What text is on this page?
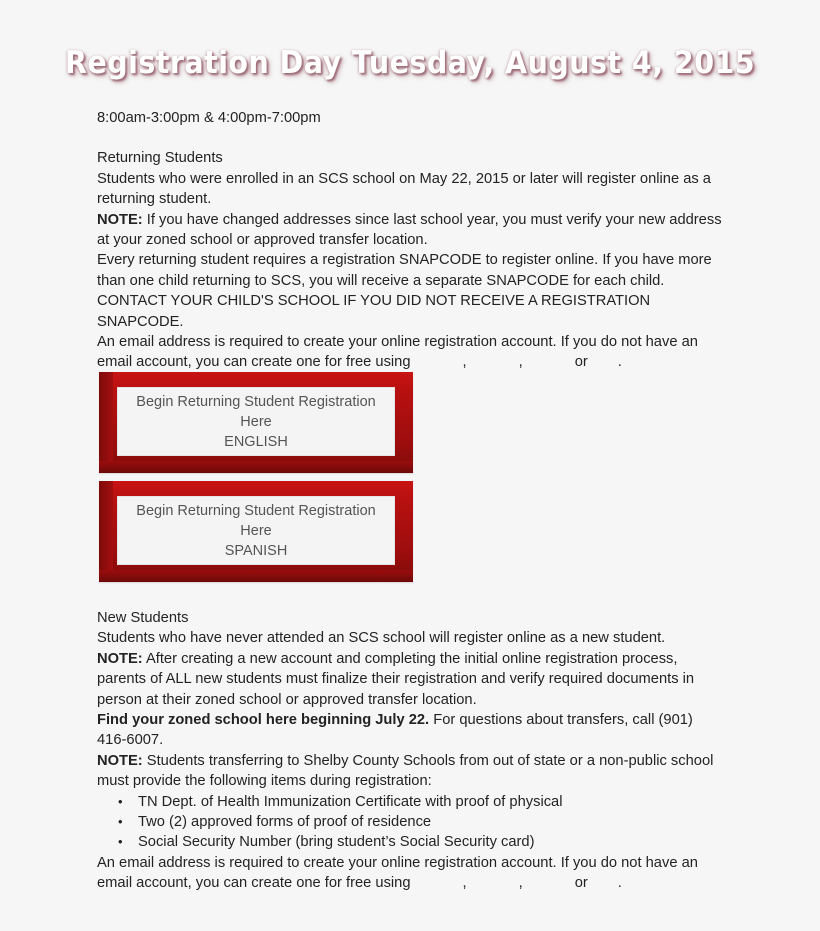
Registration Day Tuesday, August 4, 2015
8:00am-3:00pm & 4:00pm-7:00pm
Returning Students
Students who were enrolled in an SCS school on May 22, 2015 or later will register online as a returning student.
NOTE: If you have changed addresses since last school year, you must verify your new address at your zoned school or approved transfer location.
Every returning student requires a registration SNAPCODE to register online. If you have more than one child returning to SCS, you will receive a separate SNAPCODE for each child. CONTACT YOUR CHILD'S SCHOOL IF YOU DID NOT RECEIVE A REGISTRATION SNAPCODE.
An email address is required to create your online registration account. If you do not have an email account, you can create one for free using	,	,	or .
Begin Returning Student Registration
Here
ENGLISH
Begin Returning Student Registration
Here
SPANISH
New Students
Students who have never attended an SCS school will register online as a new student.
NOTE: After creating a new account and completing the initial online registration process, parents of ALL new students must finalize their registration and verify required documents in person at their zoned school or approved transfer location.
Find your zoned school here beginning July 22. For questions about transfers, call (901) 416-6007.
NOTE: Students transferring to Shelby County Schools from out of state or a non-public school must provide the following items during registration:
• TN Dept. of Health Immunization Certificate with proof of physical
• Two (2) approved forms of proof of residence
• Social Security Number (bring student’s Social Security card)
An email address is required to create your online registration account. If you do not have an email account, you can create one for free using	,	,	or .
